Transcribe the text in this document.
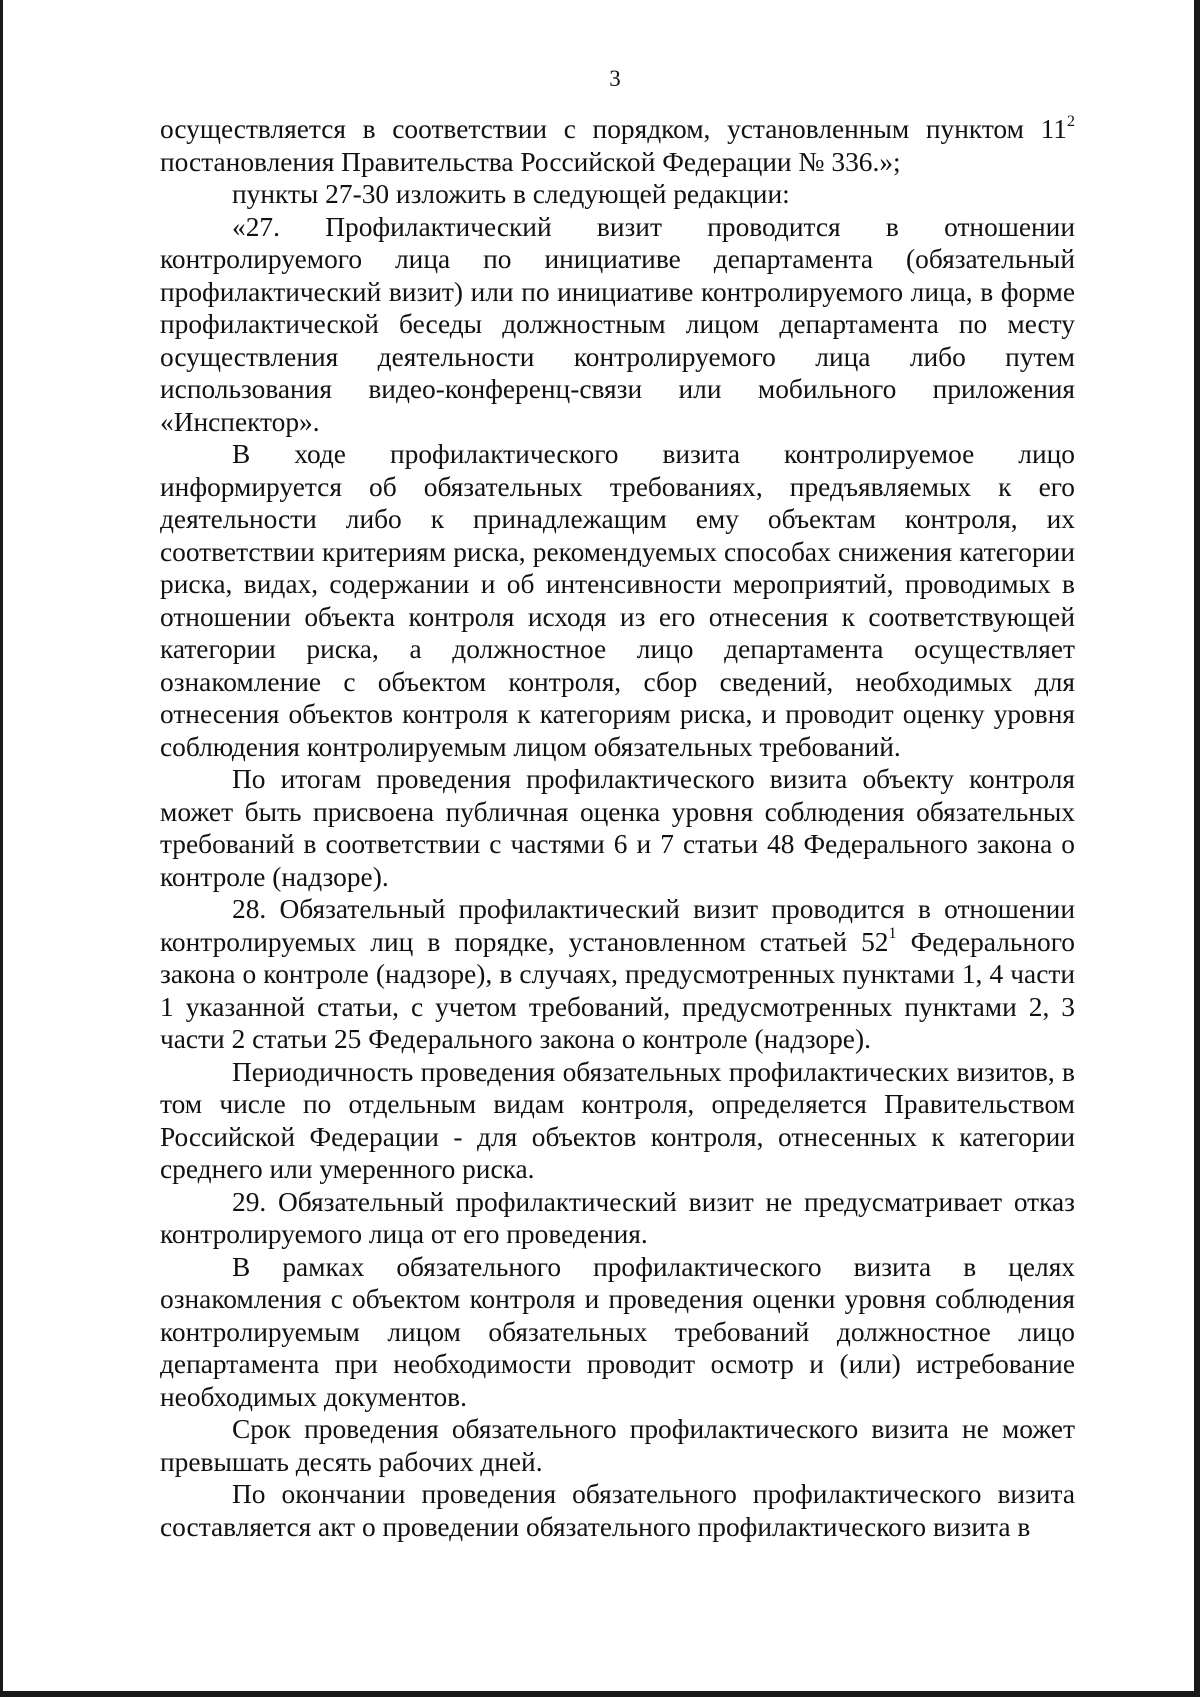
3

осуществляется в соответствии с порядком, установленным пунктом $11^2$ постановления Правительства Российской Федерации № 336.»;

пункты 27-30 изложить в следующей редакции:

«27. Профилактический визит проводится в отношении контролируемого лица по инициативе департамента (обязательный профилактический визит) или по инициативе контролируемого лица, в форме профилактической беседы должностным лицом департамента по месту осуществления деятельности контролируемого лица либо путем использования видео-конференц-связи или мобильного приложения «Инспектор».

В ходе профилактического визита контролируемое лицо информируется об обязательных требованиях, предъявляемых к его деятельности либо к принадлежащим ему объектам контроля, их соответствии критериям риска, рекомендуемых способах снижения категории риска, видах, содержании и об интенсивности мероприятий, проводимых в отношении объекта контроля исходя из его отнесения к соответствующей категории риска, а должностное лицо департамента осуществляет ознакомление с объектом контроля, сбор сведений, необходимых для отнесения объектов контроля к категориям риска, и проводит оценку уровня соблюдения контролируемым лицом обязательных требований.

По итогам проведения профилактического визита объекту контроля может быть присвоена публичная оценка уровня соблюдения обязательных требований в соответствии с частями 6 и 7 статьи 48 Федерального закона о контроле (надзоре).

28. Обязательный профилактический визит проводится в отношении контролируемых лиц в порядке, установленном статьей $52^1$ Федерального закона о контроле (надзоре), в случаях, предусмотренных пунктами 1, 4 части 1 указанной статьи, с учетом требований, предусмотренных пунктами 2, 3 части 2 статьи 25 Федерального закона о контроле (надзоре).

Периодичность проведения обязательных профилактических визитов, в том числе по отдельным видам контроля, определяется Правительством Российской Федерации - для объектов контроля, отнесенных к категории среднего или умеренного риска.

29. Обязательный профилактический визит не предусматривает отказ контролируемого лица от его проведения.

В рамках обязательного профилактического визита в целях ознакомления с объектом контроля и проведения оценки уровня соблюдения контролируемым лицом обязательных требований должностное лицо департамента при необходимости проводит осмотр и (или) истребование необходимых документов.

Срок проведения обязательного профилактического визита не может превышать десять рабочих дней.

По окончании проведения обязательного профилактического визита составляется акт о проведении обязательного профилактического визита в
